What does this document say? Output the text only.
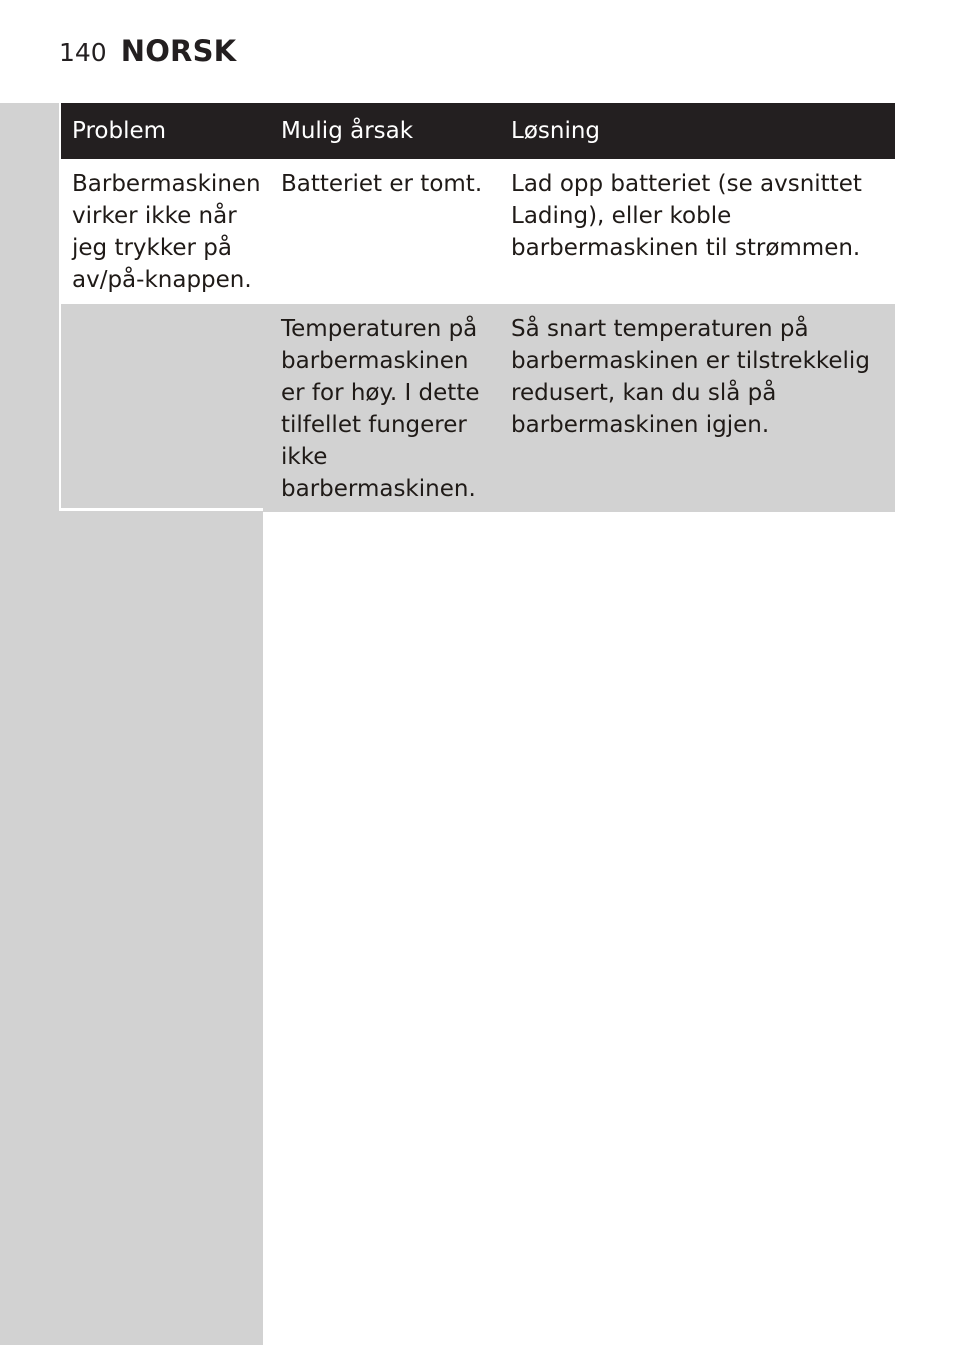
140 NORSK
Problem	Mulig årsak	Løsning
Barbermaskinen virker ikke når jeg trykker på av/på-knappen.	Batteriet er tomt.	Lad opp batteriet (se avsnittet Lading), eller koble barbermaskinen til strømmen.
	Temperaturen på barbermaskinen er for høy. I dette tilfellet fungerer ikke barbermaskinen.	Så snart temperaturen på barbermaskinen er tilstrekkelig redusert, kan du slå på barbermaskinen igjen.
